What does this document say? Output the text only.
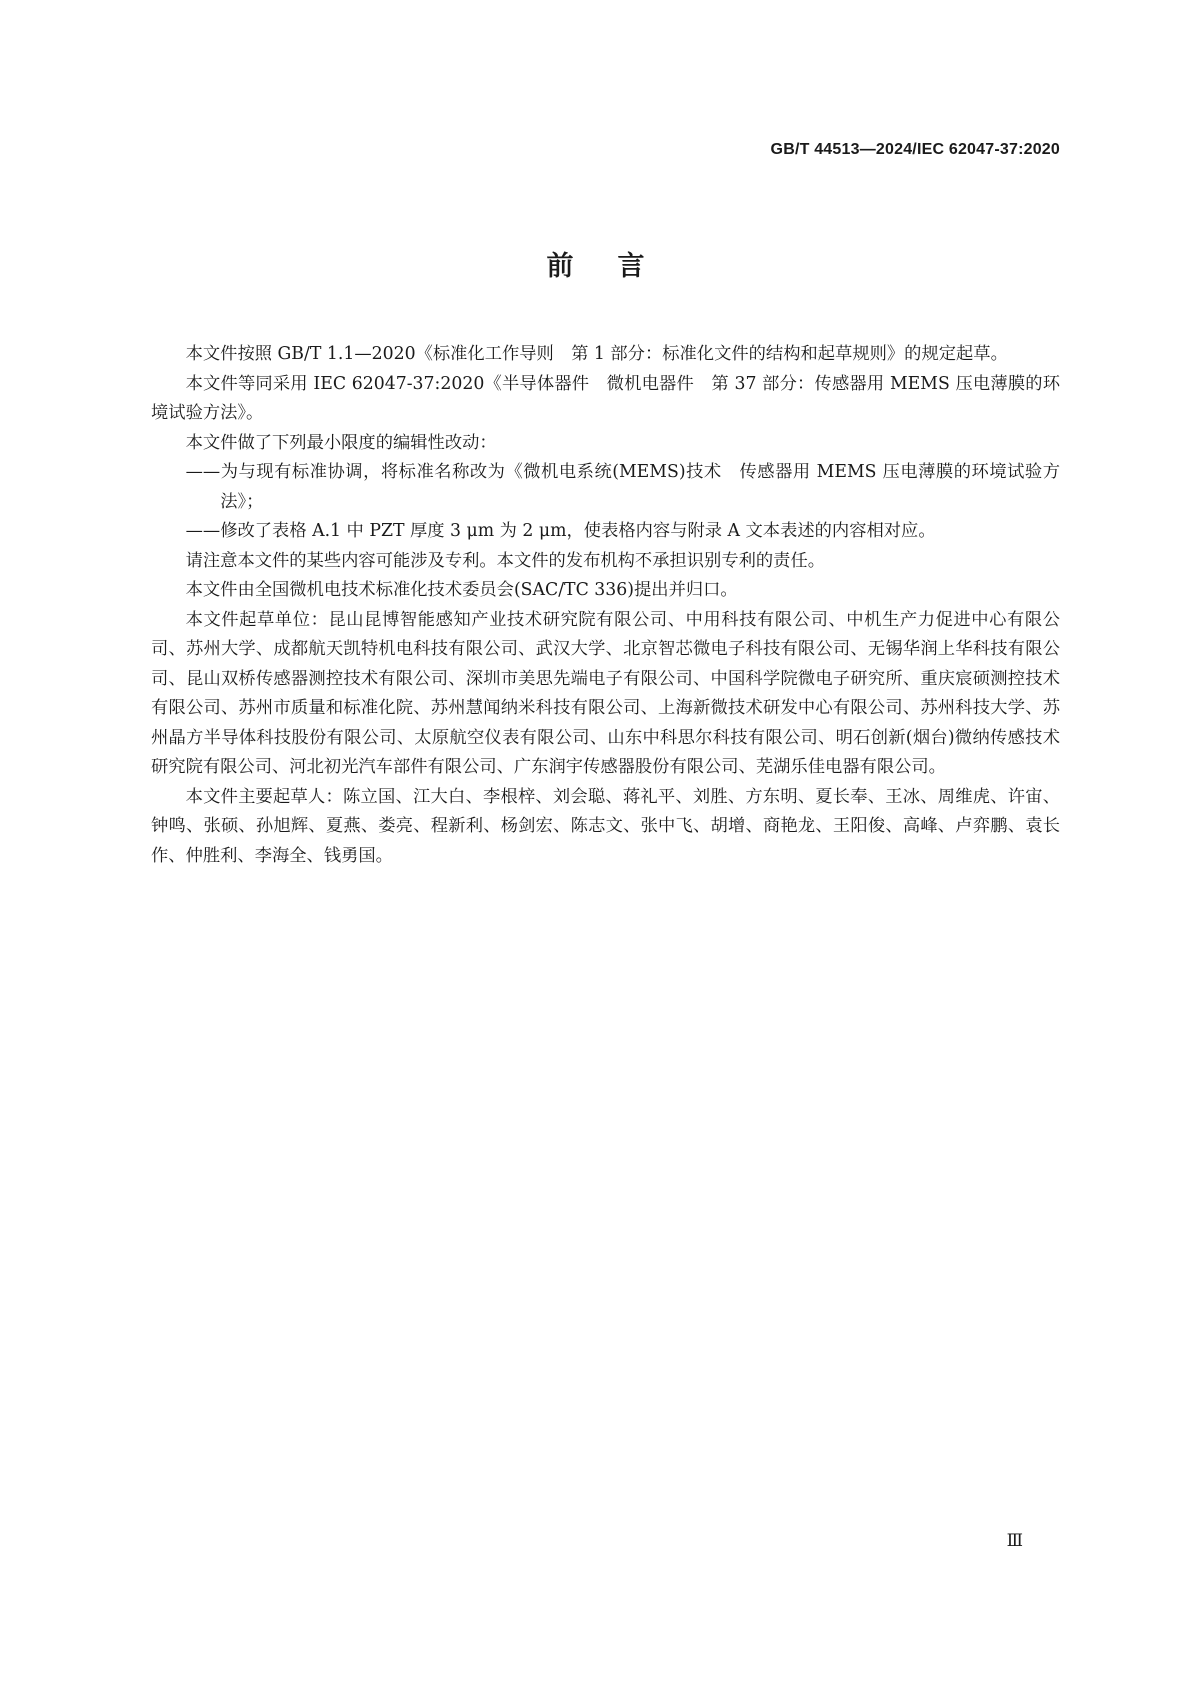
GB/T 44513—2024/IEC 62047-37:2020
前言

本文件按照 GB/T 1.1—2020《标准化工作导则　第 1 部分：标准化文件的结构和起草规则》的规定起草。

本文件等同采用 IEC 62047-37:2020《半导体器件　微机电器件　第 37 部分：传感器用 MEMS 压电薄膜的环境试验方法》。

本文件做了下列最小限度的编辑性改动：

——为与现有标准协调，将标准名称改为《微机电系统(MEMS)技术　传感器用 MEMS 压电薄膜的环境试验方法》；

——修改了表格 A.1 中 PZT 厚度 3 μm 为 2 μm，使表格内容与附录 A 文本表述的内容相对应。

请注意本文件的某些内容可能涉及专利。本文件的发布机构不承担识别专利的责任。

本文件由全国微机电技术标准化技术委员会(SAC/TC 336)提出并归口。

本文件起草单位：昆山昆博智能感知产业技术研究院有限公司、中用科技有限公司、中机生产力促进中心有限公司、苏州大学、成都航天凯特机电科技有限公司、武汉大学、北京智芯微电子科技有限公司、无锡华润上华科技有限公司、昆山双桥传感器测控技术有限公司、深圳市美思先端电子有限公司、中国科学院微电子研究所、重庆宸硕测控技术有限公司、苏州市质量和标准化院、苏州慧闻纳米科技有限公司、上海新微技术研发中心有限公司、苏州科技大学、苏州晶方半导体科技股份有限公司、太原航空仪表有限公司、山东中科思尔科技有限公司、明石创新(烟台)微纳传感技术研究院有限公司、河北初光汽车部件有限公司、广东润宇传感器股份有限公司、芜湖乐佳电器有限公司。

本文件主要起草人：陈立国、江大白、李根梓、刘会聪、蒋礼平、刘胜、方东明、夏长奉、王冰、周维虎、许宙、钟鸣、张硕、孙旭辉、夏燕、娄亮、程新利、杨剑宏、陈志文、张中飞、胡增、商艳龙、王阳俊、高峰、卢弈鹏、袁长作、仲胜利、李海全、钱勇国。

Ⅲ
